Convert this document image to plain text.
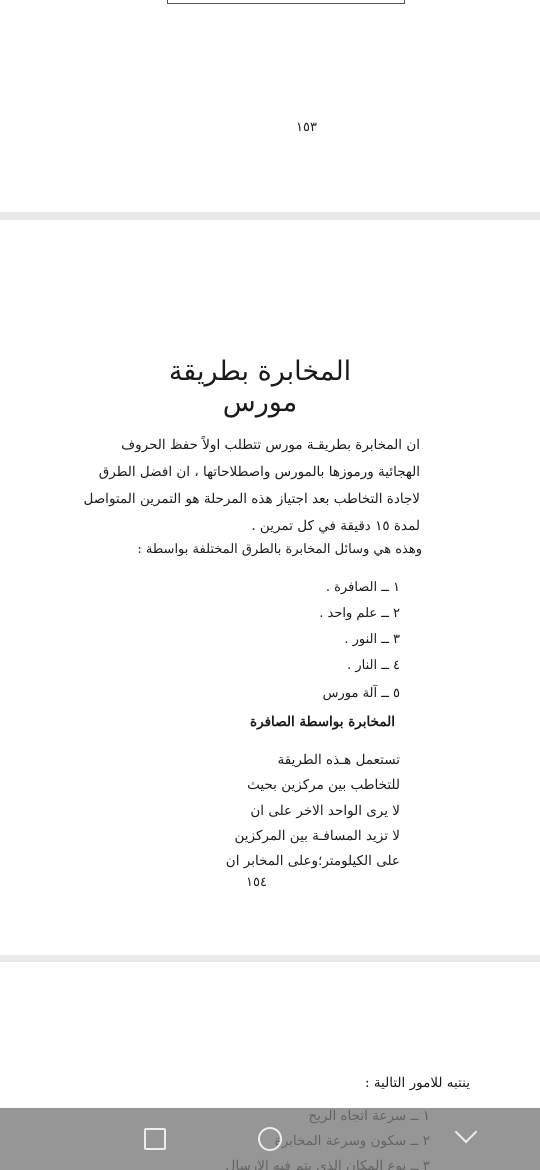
١٥٣
المخابرة بطريقة مورس
ان المخابرة بطريقـة مورس تتطلب اولاً حفظ الحروف
الهجائية ورموزها بالمورس واصطلاحاتها ، ان افضل الطرق
لاجادة التخاطب بعد اجتياز هذه المرحلة هو التمرين المتواصل
لمدة ١٥ دقيقة في كل تمرين .
وهذه هي وسائل المخابرة بالطرق المختلفة بواسطة :
١ ــ الصافرة .
٢ ــ علم واحد .
٣ ــ النور .
٤ ــ النار .
٥ ــ آلة مورس
المخابرة بواسطة الصافرة
تستعمل هـذه الطريقة
للتخاطب بين مركزين بحيث
لا يرى الواحد الاخر على ان
لا تزيد المسافـة بين المركزين
على الكيلومتر؛وعلى المخابر ان
١٥٤
ينتبه للامور التالية :
